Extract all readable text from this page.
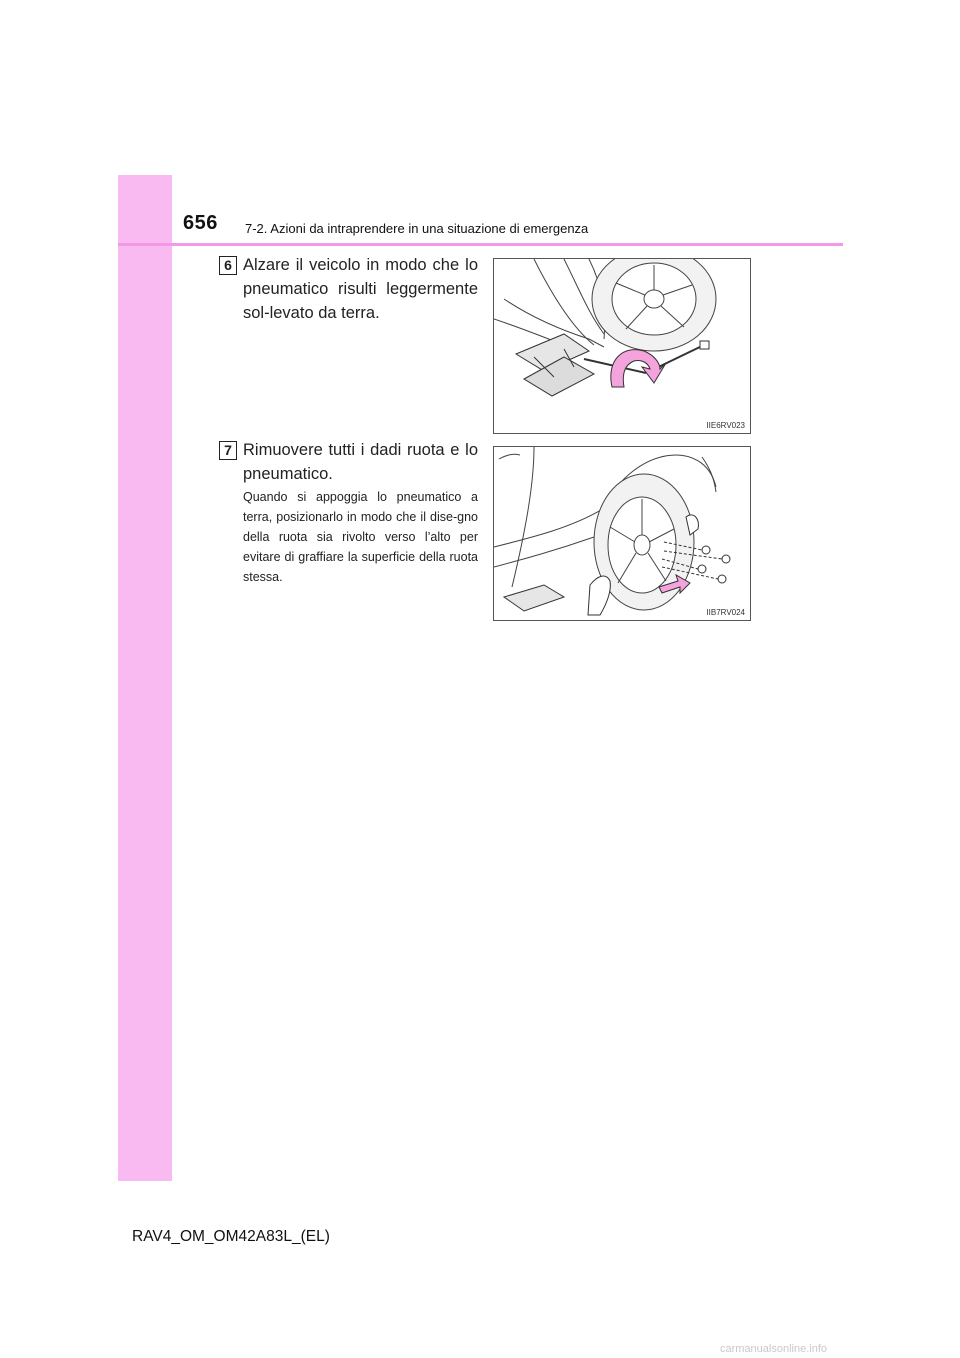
656 7-2. Azioni da intraprendere in una situazione di emergenza
6 Alzare il veicolo in modo che lo pneumatico risulti leggermente sol-levato da terra.
IIE6RV023
7 Rimuovere tutti i dadi ruota e lo pneumatico.
Quando si appoggia lo pneumatico a terra, posizionarlo in modo che il dise-gno della ruota sia rivolto verso l’alto per evitare di graffiare la superficie della ruota stessa.
IIB7RV024
RAV4_OM_OM42A83L_(EL)
carmanualsonline.info
